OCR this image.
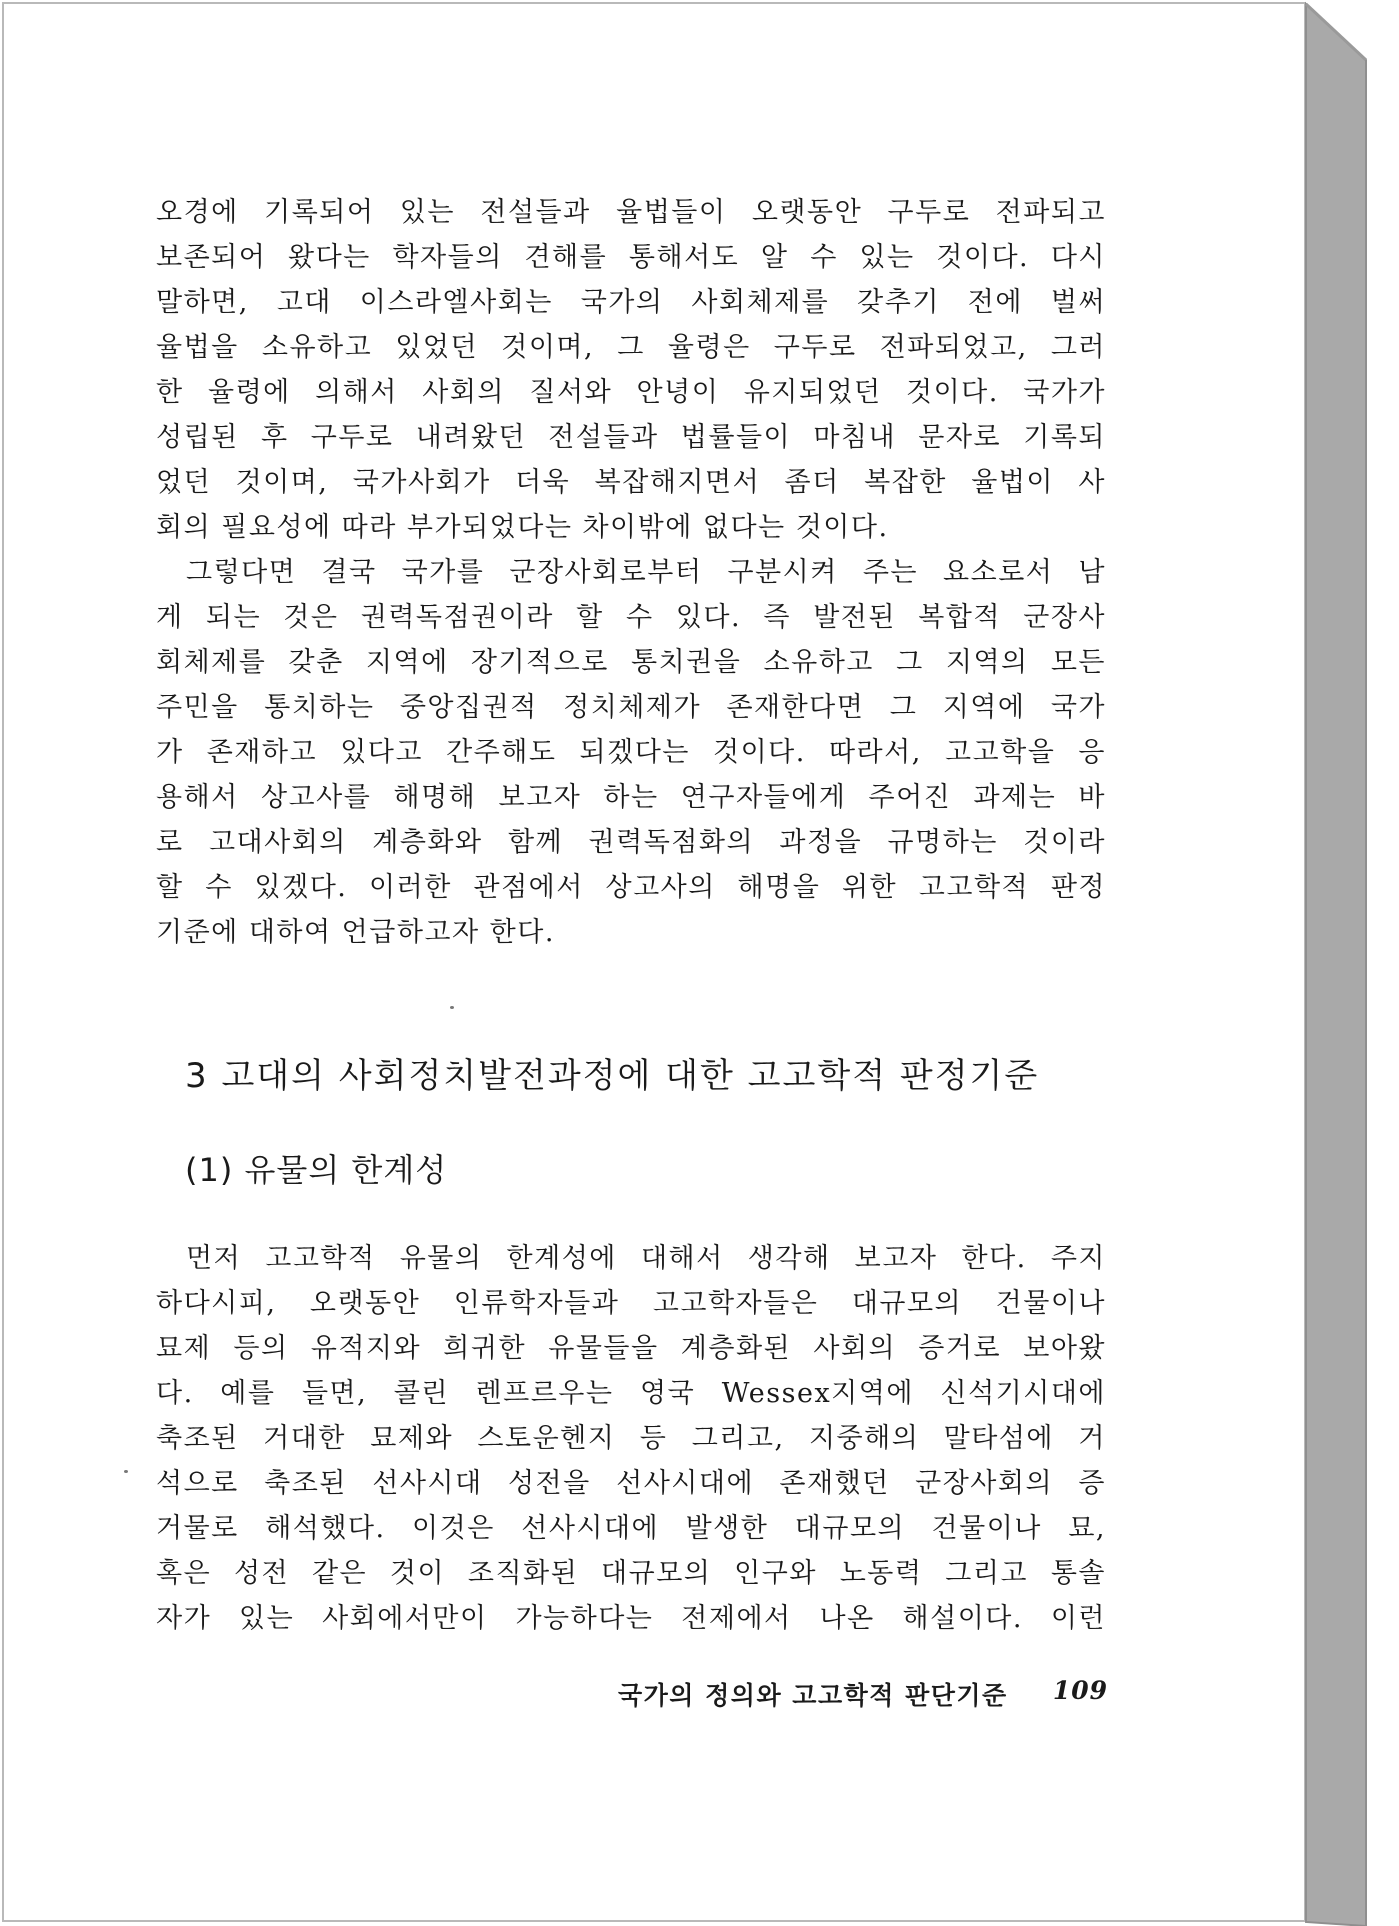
오경에 기록되어 있는 전설들과 율법들이 오랫동안 구두로 전파되고
보존되어 왔다는 학자들의 견해를 통해서도 알 수 있는 것이다. 다시
말하면, 고대 이스라엘사회는 국가의 사회체제를 갖추기 전에 벌써
율법을 소유하고 있었던 것이며, 그 율령은 구두로 전파되었고, 그러
한 율령에 의해서 사회의 질서와 안녕이 유지되었던 것이다. 국가가
성립된 후 구두로 내려왔던 전설들과 법률들이 마침내 문자로 기록되
었던 것이며, 국가사회가 더욱 복잡해지면서 좀더 복잡한 율법이 사
회의 필요성에 따라 부가되었다는 차이밖에 없다는 것이다.

그렇다면 결국 국가를 군장사회로부터 구분시켜 주는 요소로서 남
게 되는 것은 권력독점권이라 할 수 있다. 즉 발전된 복합적 군장사
회체제를 갖춘 지역에 장기적으로 통치권을 소유하고 그 지역의 모든
주민을 통치하는 중앙집권적 정치체제가 존재한다면 그 지역에 국가
가 존재하고 있다고 간주해도 되겠다는 것이다. 따라서, 고고학을 응
용해서 상고사를 해명해 보고자 하는 연구자들에게 주어진 과제는 바
로 고대사회의 계층화와 함께 권력독점화의 과정을 규명하는 것이라
할 수 있겠다. 이러한 관점에서 상고사의 해명을 위한 고고학적 판정
기준에 대하여 언급하고자 한다.

3 고대의 사회정치발전과정에 대한 고고학적 판정기준
(1) 유물의 한계성

먼저 고고학적 유물의 한계성에 대해서 생각해 보고자 한다. 주지
하다시피, 오랫동안 인류학자들과 고고학자들은 대규모의 건물이나
묘제 등의 유적지와 희귀한 유물들을 계층화된 사회의 증거로 보아왔
다. 예를 들면, 콜린 렌프르우는 영국 Wessex지역에 신석기시대에
축조된 거대한 묘제와 스토운헨지 등 그리고, 지중해의 말타섬에 거
석으로 축조된 선사시대 성전을 선사시대에 존재했던 군장사회의 증
거물로 해석했다. 이것은 선사시대에 발생한 대규모의 건물이나 묘,
혹은 성전 같은 것이 조직화된 대규모의 인구와 노동력 그리고 통솔
자가 있는 사회에서만이 가능하다는 전제에서 나온 해설이다. 이런

국가의 정의와 고고학적 판단기준 109
